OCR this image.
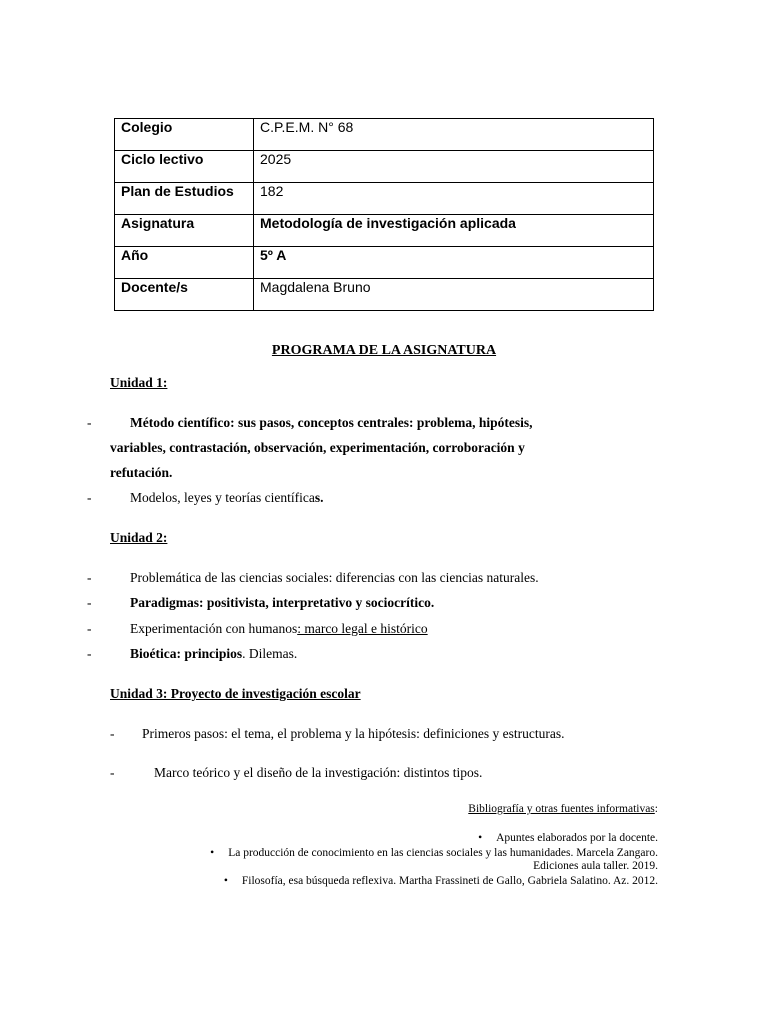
Colegio	C.P.E.M. N° 68
Ciclo lectivo	2025
Plan de Estudios	182
Asignatura	Metodología de investigación aplicada
Año	5º A
Docente/s	Magdalena Bruno
PROGRAMA DE LA ASIGNATURA
Unidad 1:
-	Método científico: sus pasos, conceptos centrales: problema, hipótesis,
variables, contrastación, observación, experimentación, corroboración y
refutación.
-	Modelos, leyes y teorías científicas.
Unidad 2:
-	Problemática de las ciencias sociales: diferencias con las ciencias naturales.
-	Paradigmas: positivista, interpretativo y sociocrítico.
-	Experimentación con humanos: marco legal e histórico
-	Bioética: principios. Dilemas.
Unidad 3: Proyecto de investigación escolar
- Primeros pasos: el tema, el problema y la hipótesis: definiciones y estructuras.
-	Marco teórico y el diseño de la investigación: distintos tipos.
Bibliografía y otras fuentes informativas:
• Apuntes elaborados por la docente.
• La producción de conocimiento en las ciencias sociales y las humanidades. Marcela Zangaro.
Ediciones aula taller. 2019.
• Filosofía, esa búsqueda reflexiva. Martha Frassineti de Gallo, Gabriela Salatino. Az. 2012.
